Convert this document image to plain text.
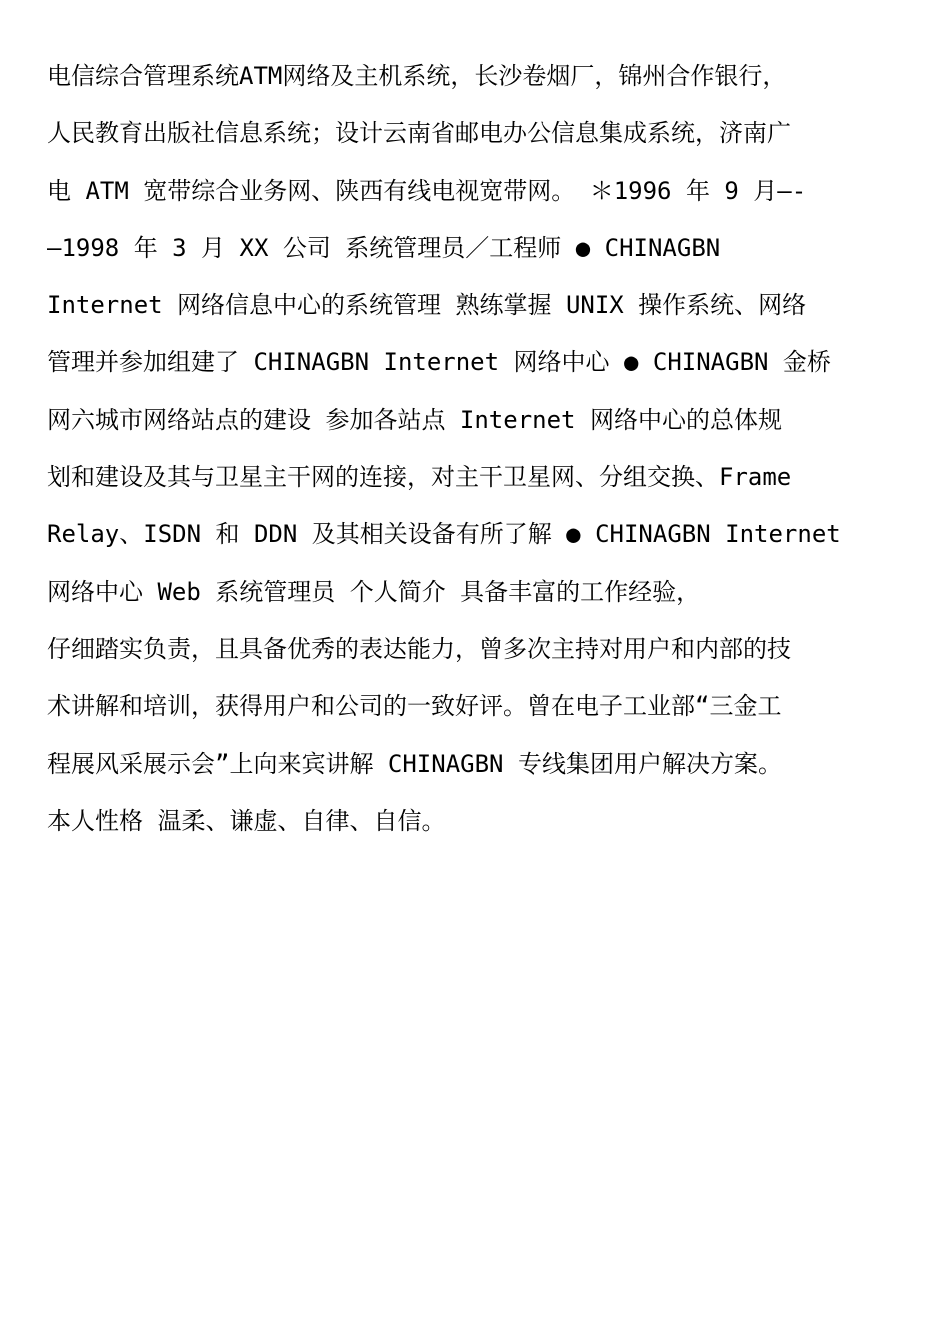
电信综合管理系统ATM网络及主机系统，长沙卷烟厂，锦州合作银行，
人民教育出版社信息系统；设计云南省邮电办公信息集成系统，济南广
电 ATM 宽带综合业务网、陕西有线电视宽带网。 ＊1996 年 9 月—-
—1998 年 3 月 XX 公司 系统管理员／工程师 ● CHINAGBN
Internet 网络信息中心的系统管理 熟练掌握 UNIX 操作系统、网络
管理并参加组建了 CHINAGBN Internet 网络中心 ● CHINAGBN 金桥
网六城市网络站点的建设 参加各站点 Internet 网络中心的总体规
划和建设及其与卫星主干网的连接，对主干卫星网、分组交换、Frame
Relay、ISDN 和 DDN 及其相关设备有所了解 ● CHINAGBN Internet
网络中心 Web 系统管理员 个人简介 具备丰富的工作经验，
仔细踏实负责，且具备优秀的表达能力，曾多次主持对用户和内部的技
术讲解和培训，获得用户和公司的一致好评。曾在电子工业部“三金工
程展风采展示会”上向来宾讲解 CHINAGBN 专线集团用户解决方案。
本人性格 温柔、谦虚、自律、自信。
